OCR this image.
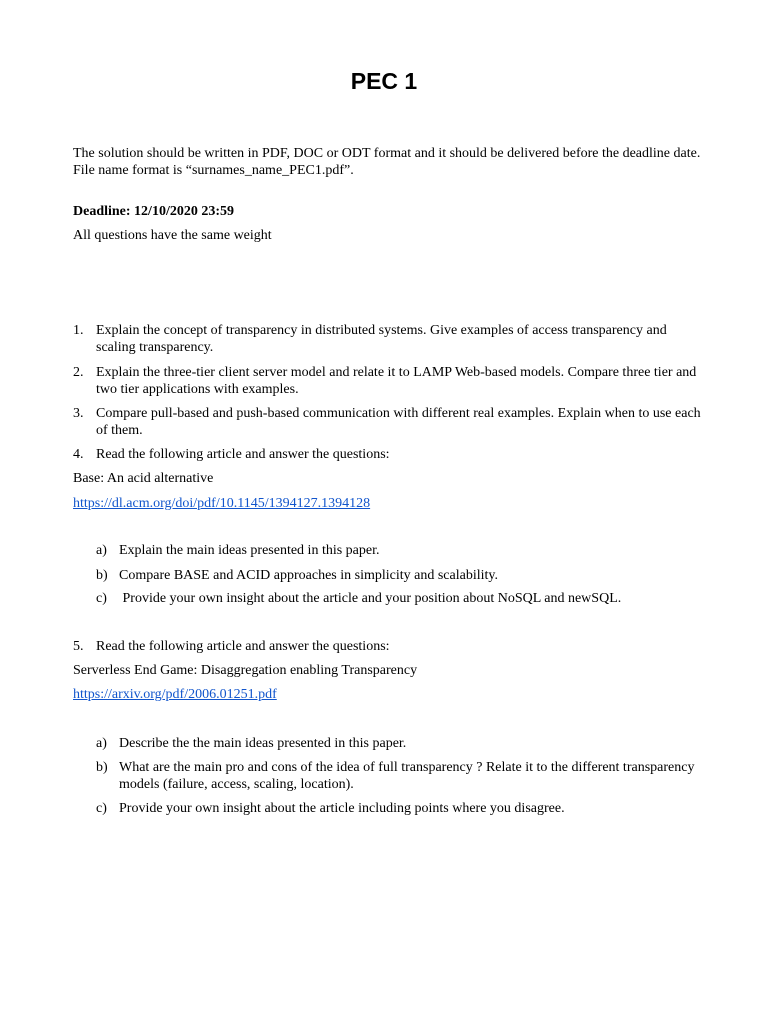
PEC 1
The solution should be written in PDF, DOC or ODT format and it should be delivered before the deadline date. File name format is “surnames_name_PEC1.pdf”.
Deadline: 12/10/2020 23:59
All questions have the same weight
1. Explain the concept of transparency in distributed systems. Give examples of access transparency and scaling transparency.
2. Explain the three-tier client server model and relate it to LAMP Web-based models. Compare three tier and two tier applications with examples.
3. Compare pull-based and push-based communication with different real examples. Explain when to use each of them.
4. Read the following article and answer the questions:
Base: An acid alternative
https://dl.acm.org/doi/pdf/10.1145/1394127.1394128
a) Explain the main ideas presented in this paper.
b) Compare BASE and ACID approaches in simplicity and scalability.
c) Provide your own insight about the article and your position about NoSQL and newSQL.
5. Read the following article and answer the questions:
Serverless End Game: Disaggregation enabling Transparency
https://arxiv.org/pdf/2006.01251.pdf
a) Describe the the main ideas presented in this paper.
b) What are the main pro and cons of the idea of full transparency ? Relate it to the different transparency models (failure, access, scaling, location).
c) Provide your own insight about the article including points where you disagree.
